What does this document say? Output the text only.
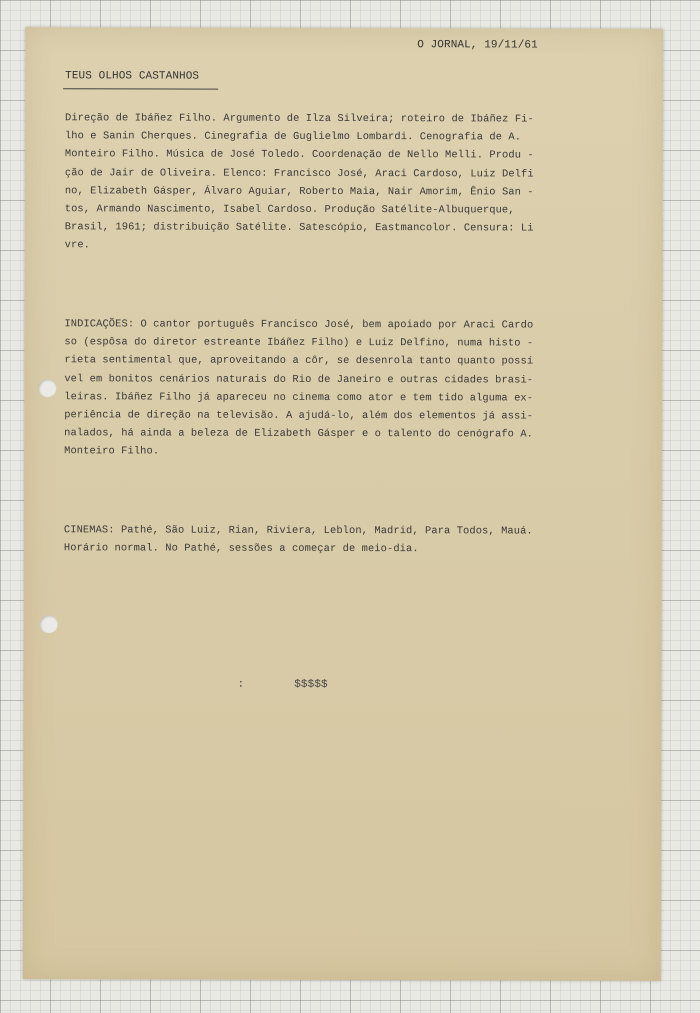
O JORNAL, 19/11/61
TEUS OLHOS CASTANHOS

Direção de Ibáñez Filho. Argumento de Ilza Silveira; roteiro de Ibáñez Fi-
lho e Sanin Cherques. Cinegrafia de Guglielmo Lombardi. Cenografia de A.
Monteiro Filho. Música de José Toledo. Coordenação de Nello Melli. Produ -
ção de Jair de Oliveira. Elenco: Francisco José, Araci Cardoso, Luiz Delfi
no, Elizabeth Gásper, Álvaro Aguiar, Roberto Maia, Nair Amorim, Ênio San -
tos, Armando Nascimento, Isabel Cardoso. Produção Satélite-Albuquerque,
Brasil, 1961; distribuição Satélite. Satescópio, Eastmancolor. Censura: Li
vre.

INDICAÇÕES: O cantor português Francisco José, bem apoiado por Araci Cardo
so (espôsa do diretor estreante Ibáñez Filho) e Luiz Delfino, numa histo -
rieta sentimental que, aproveitando a côr, se desenrola tanto quanto possí
vel em bonitos cenários naturais do Rio de Janeiro e outras cidades brasi-
leiras. Ibáñez Filho já apareceu no cinema como ator e tem tido alguma ex-
periência de direção na televisão. A ajudá-lo, além dos elementos já assi-
nalados, há ainda a beleza de Elizabeth Gásper e o talento do cenógrafo A.
Monteiro Filho.

CINEMAS: Pathé, São Luiz, Rian, Riviera, Leblon, Madrid, Para Todos, Mauá.
Horário normal. No Pathé, sessões a começar de meio-dia.

:	$$$$$
